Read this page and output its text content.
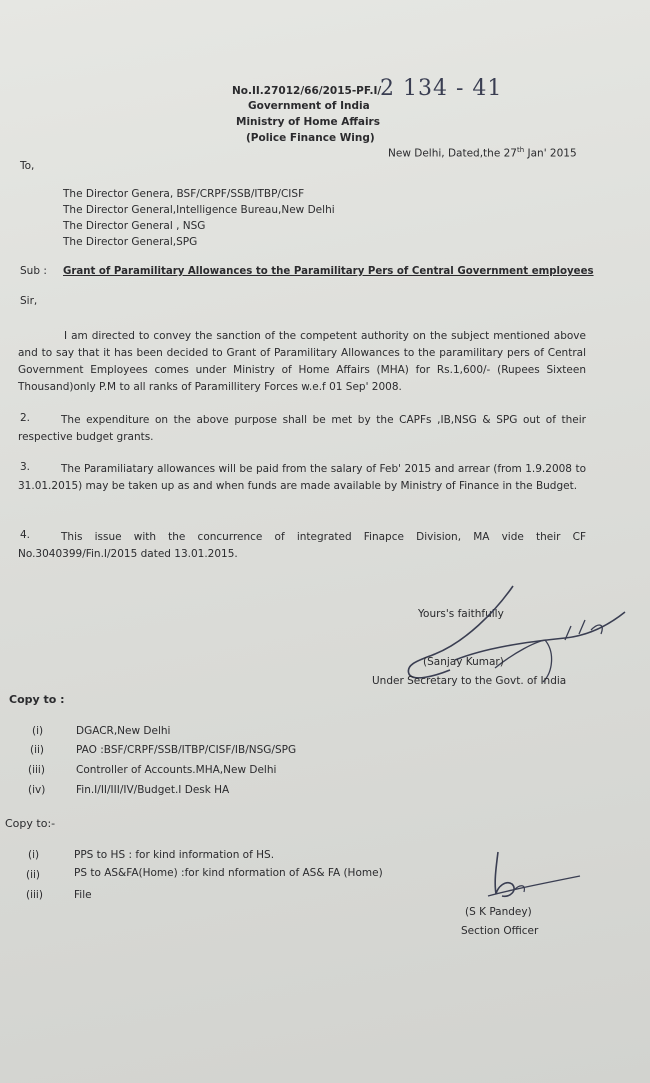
No.II.27012/66/2015-PF.I/
2 134 - 41
Government of India
Ministry of Home Affairs
(Police Finance Wing)
New Delhi, Dated,the 27th Jan' 2015
To,
The Director Genera, BSF/CRPF/SSB/ITBP/CISF
The Director General,Intelligence Bureau,New Delhi
The Director General , NSG
The Director General,SPG
Sub : Grant of Paramilitary Allowances to the Paramilitary Pers of Central Government employees
Sir,
I am directed to convey the sanction of the competent authority on the subject mentioned above and to say that it has been decided to Grant of Paramilitary Allowances to the paramilitary pers of Central Government Employees comes under Ministry of Home Affairs (MHA) for Rs.1,600/- (Rupees Sixteen Thousand)only P.M to all ranks of Paramillitery Forces w.e.f 01 Sep' 2008.
2.	The expenditure on the above purpose shall be met by the CAPFs ,IB,NSG & SPG out of their respective budget grants.
3.	The Paramiliatary allowances will be paid from the salary of Feb' 2015 and arrear (from 1.9.2008 to 31.01.2015) may be taken up as and when funds are made available by Ministry of Finance in the Budget.
4.	This issue with the concurrence of integrated Finapce Division, MA vide their CF No.3040399/Fin.I/2015 dated 13.01.2015.
Yours's faithfully
(Sanjay Kumar)
Under Secretary to the Govt. of India
Copy to :
(i)	DGACR,New Delhi
(ii)	PAO :BSF/CRPF/SSB/ITBP/CISF/IB/NSG/SPG
(iii)	Controller of Accounts.MHA,New Delhi
(iv)	Fin.I/II/III/IV/Budget.I Desk HA
Copy to:-
(i)	PPS to HS : for kind information of HS.
(ii)	PS to AS&FA(Home) :for kind nformation of AS& FA (Home)
(iii)	File
(S K Pandey)
Section Officer
